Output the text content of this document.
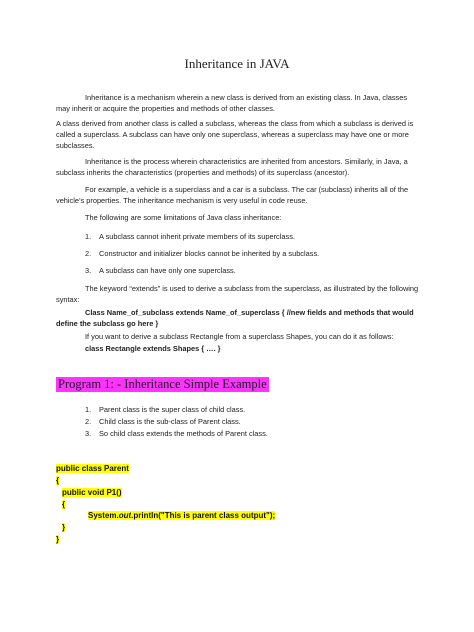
Inheritance in JAVA
Inheritance is a mechanism wherein a new class is derived from an existing class. In Java, classes may inherit or acquire the properties and methods of other classes.
A class derived from another class is called a subclass, whereas the class from which a subclass is derived is called a superclass. A subclass can have only one superclass, whereas a superclass may have one or more subclasses.
Inheritance is the process wherein characteristics are inherited from ancestors. Similarly, in Java, a subclass inherits the characteristics (properties and methods) of its superclass (ancestor).
For example, a vehicle is a superclass and a car is a subclass. The car (subclass) inherits all of the vehicle’s properties. The inheritance mechanism is very useful in code reuse.
The following are some limitations of Java class inheritance:
1. A subclass cannot inherit private members of its superclass.
2. Constructor and initializer blocks cannot be inherited by a subclass.
3. A subclass can have only one superclass.
The keyword “extends” is used to derive a subclass from the superclass, as illustrated by the following syntax:
Class Name_of_subclass extends Name_of_superclass { //new fields and methods that would define the subclass go here }
If you want to derive a subclass Rectangle from a superclass Shapes, you can do it as follows:
class Rectangle extends Shapes { …. }
Program 1: - Inheritance Simple Example
1. Parent class is the super class of child class.
2. Child class is the sub-class of Parent class.
3. So child class extends the methods of Parent class.
public class Parent
{
public void P1()
{
System.out.println("This is parent class output");
}
}
